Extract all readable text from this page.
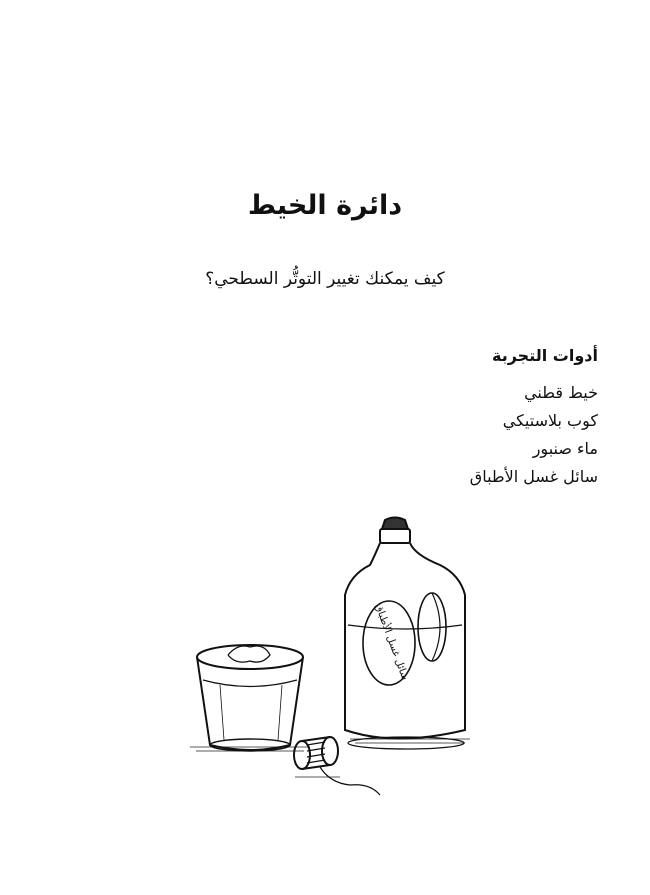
دائرة الخيط

كيف يمكنك تغيير التوتُّر السطحي؟

أدوات التجربة
خيط قطني
كوب بلاستيكي
ماء صنبور
سائل غسل الأطباق
سائل غسل الأطباق
